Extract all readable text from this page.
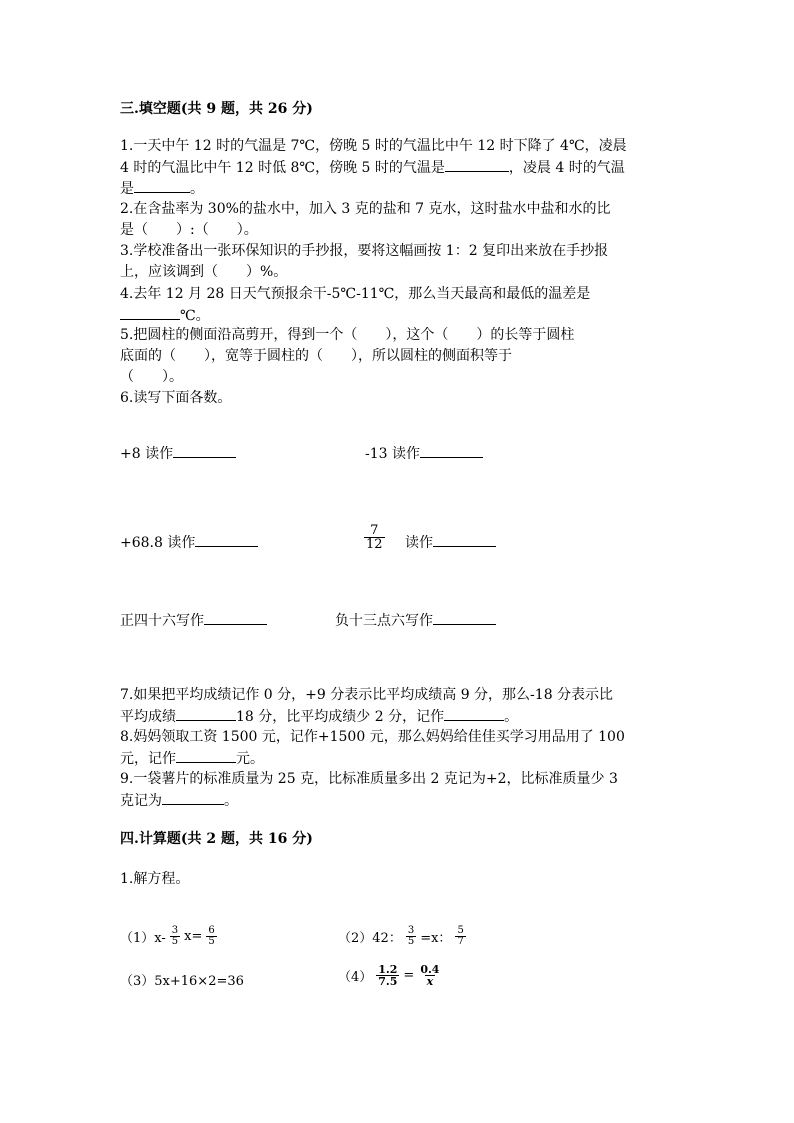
三.填空题(共 9 题，共 26 分)
1.一天中午 12 时的气温是 7℃，傍晚 5 时的气温比中午 12 时下降了 4℃，凌晨
4 时的气温比中午 12 时低 8℃，傍晚 5 时的气温是	，凌晨 4 时的气温
是	。
2.在含盐率为 30%的盐水中，加入 3 克的盐和 7 克水，这时盐水中盐和水的比
是（　　）:（　　）。
3.学校准备出一张环保知识的手抄报，要将这幅画按 1：2 复印出来放在手抄报
上，应该调到（　　）%。
4.去年 12 月 28 日天气预报余干-5℃-11℃，那么当天最高和最低的温差是
℃。
5.把圆柱的侧面沿高剪开，得到一个（　　），这个（　　）的长等于圆柱
底面的（　　），宽等于圆柱的（　　），所以圆柱的侧面积等于
（　　）。
6.读写下面各数。
+8 读作	-13 读作
+68.8 读作	$\frac{7}{12}$ 读作
正四十六写作	负十三点六写作
7.如果把平均成绩记作 0 分，+9 分表示比平均成绩高 9 分，那么-18 分表示比
平均成绩	18 分，比平均成绩少 2 分，记作	。
8.妈妈领取工资 1500 元，记作+1500 元，那么妈妈给佳佳买学习用品用了 100
元，记作	元。
9.一袋薯片的标准质量为 25 克，比标准质量多出 2 克记为+2，比标准质量少 3
克记为	。
四.计算题(共 2 题，共 16 分)
1.解方程。
$(1)x- \frac{3}{5} x= \frac{6}{5}$	（2）42： $\frac{3}{5} =x$： $\frac{5}{7}$
（3）5x+16×2=36	$(4) \frac{1.2}{7.5} = \frac{0.4}{x}$
